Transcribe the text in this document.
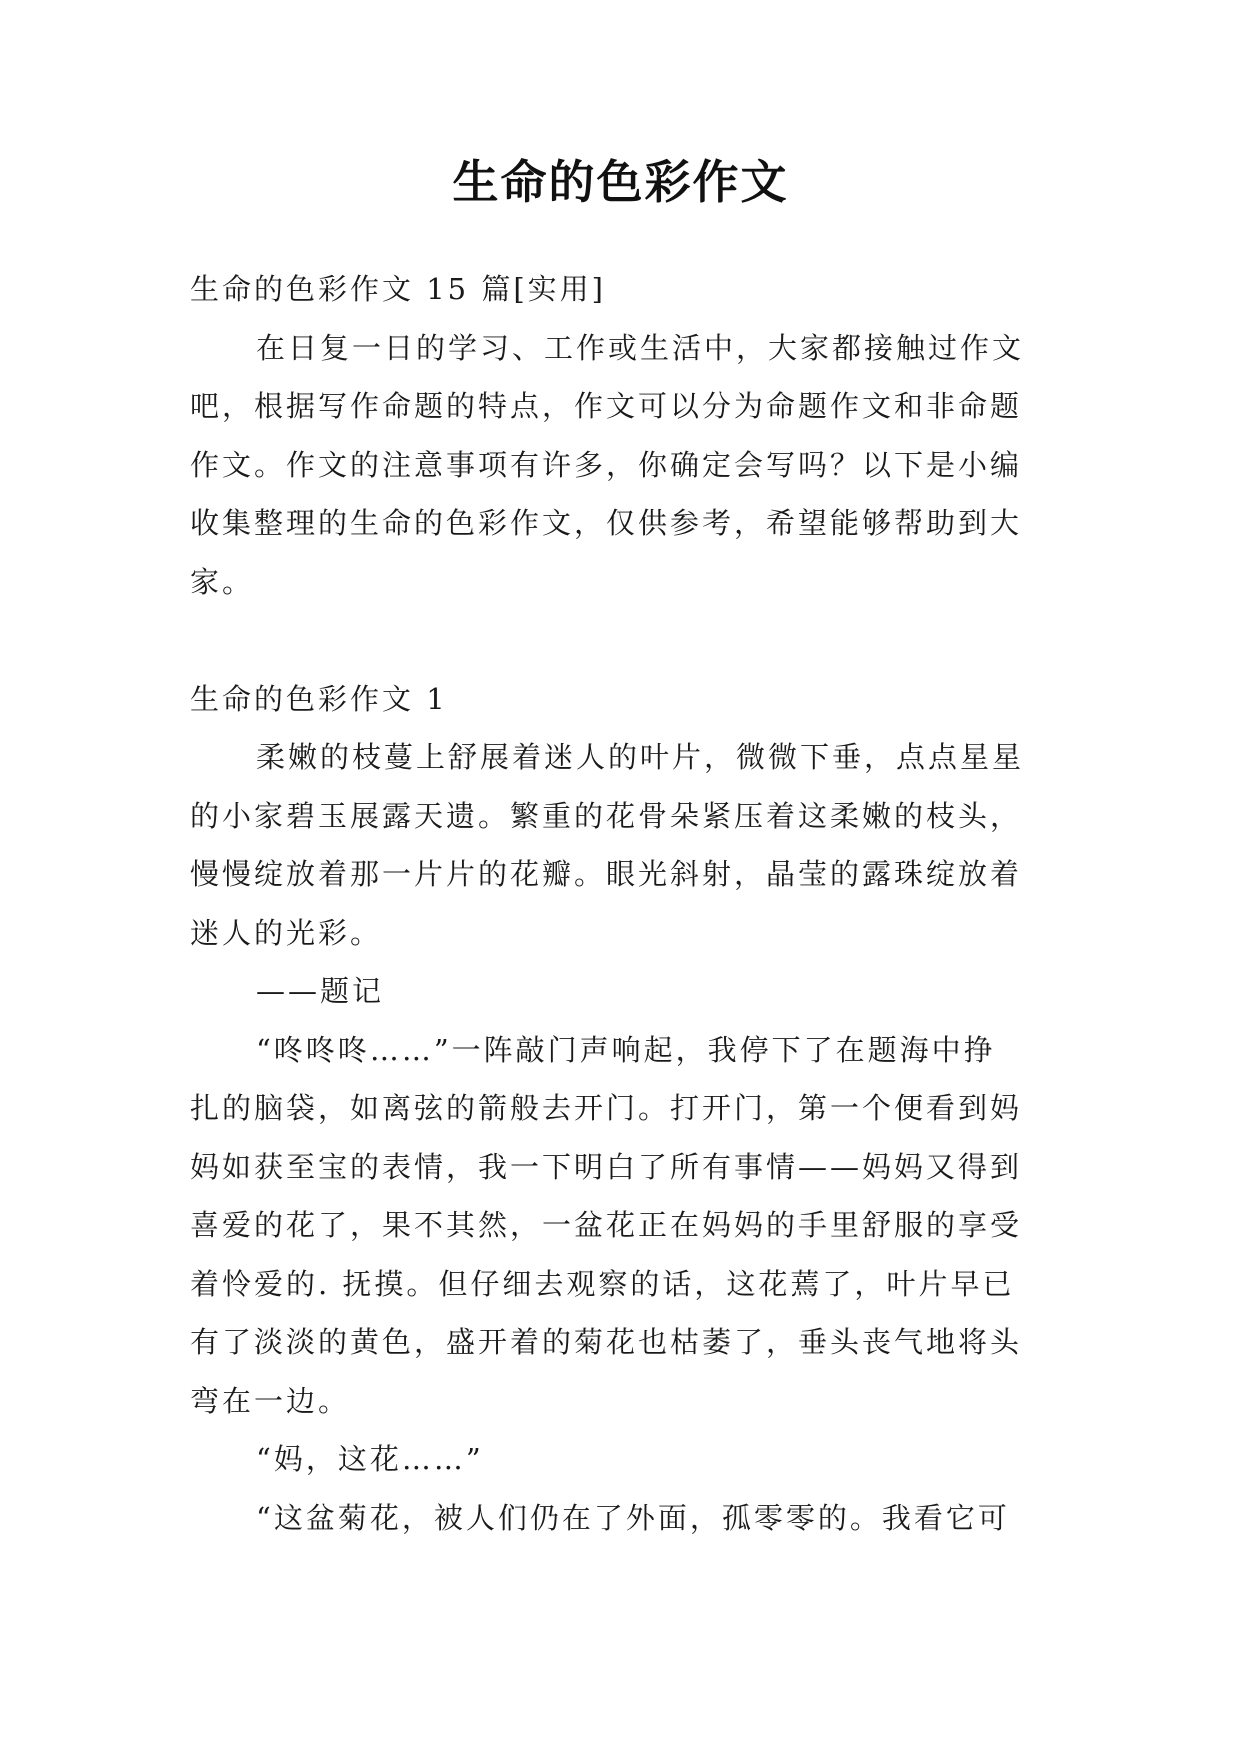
生命的色彩作文

生命的色彩作文 15 篇[实用]

在日复一日的学习、工作或生活中，大家都接触过作文

吧，根据写作命题的特点，作文可以分为命题作文和非命题

作文。作文的注意事项有许多，你确定会写吗？以下是小编

收集整理的生命的色彩作文，仅供参考，希望能够帮助到大

家。

生命的色彩作文 1

柔嫩的枝蔓上舒展着迷人的叶片，微微下垂，点点星星

的小家碧玉展露天遗。繁重的花骨朵紧压着这柔嫩的枝头，

慢慢绽放着那一片片的花瓣。眼光斜射，晶莹的露珠绽放着

迷人的光彩。

——题记

“咚咚咚……”一阵敲门声响起，我停下了在题海中挣

扎的脑袋，如离弦的箭般去开门。打开门，第一个便看到妈

妈如获至宝的表情，我一下明白了所有事情——妈妈又得到

喜爱的花了，果不其然，一盆花正在妈妈的手里舒服的享受

着怜爱的. 抚摸。但仔细去观察的话，这花蔫了，叶片早已

有了淡淡的黄色，盛开着的菊花也枯萎了，垂头丧气地将头

弯在一边。

“妈，这花……”

“这盆菊花，被人们仍在了外面，孤零零的。我看它可
